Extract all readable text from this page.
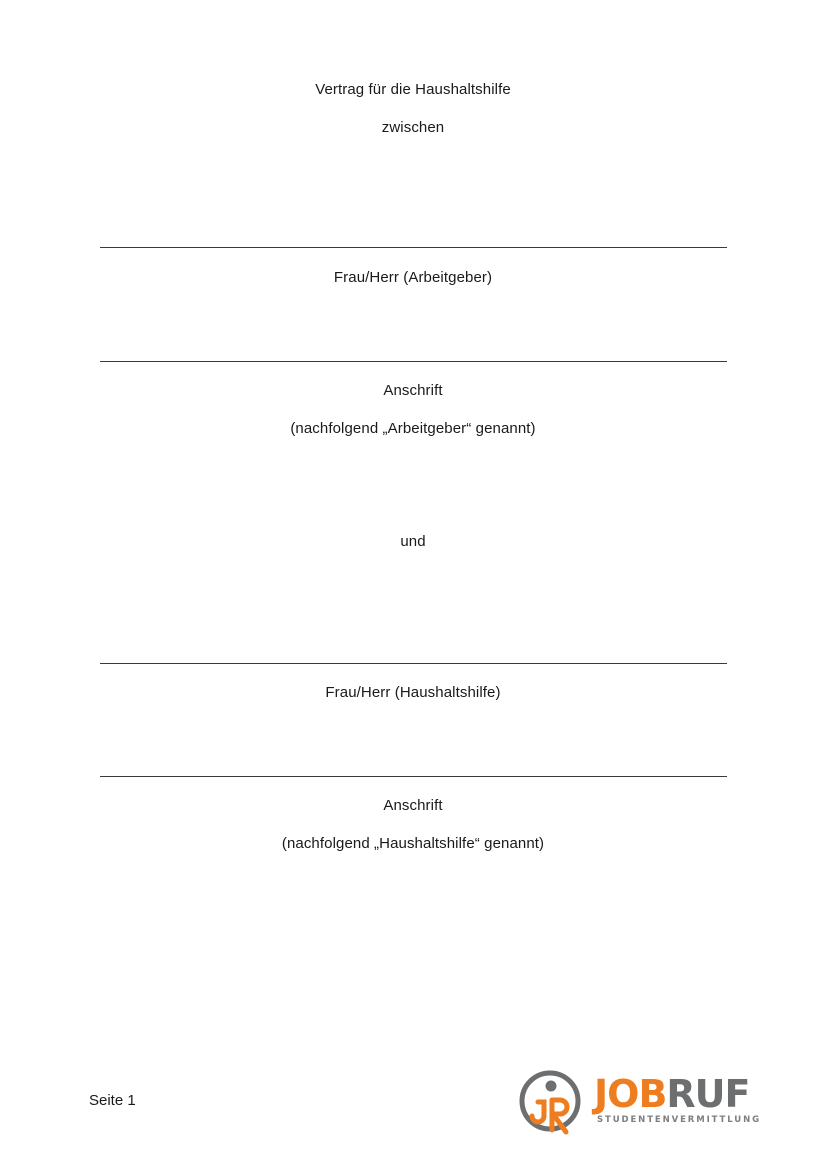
Vertrag für die Haushaltshilfe
zwischen
Frau/Herr (Arbeitgeber)
Anschrift
(nachfolgend „Arbeitgeber“ genannt)
und
Frau/Herr (Haushaltshilfe)
Anschrift
(nachfolgend „Haushaltshilfe“ genannt)
Seite 1	JOBRUF
STUDENTENVERMITTLUNG
